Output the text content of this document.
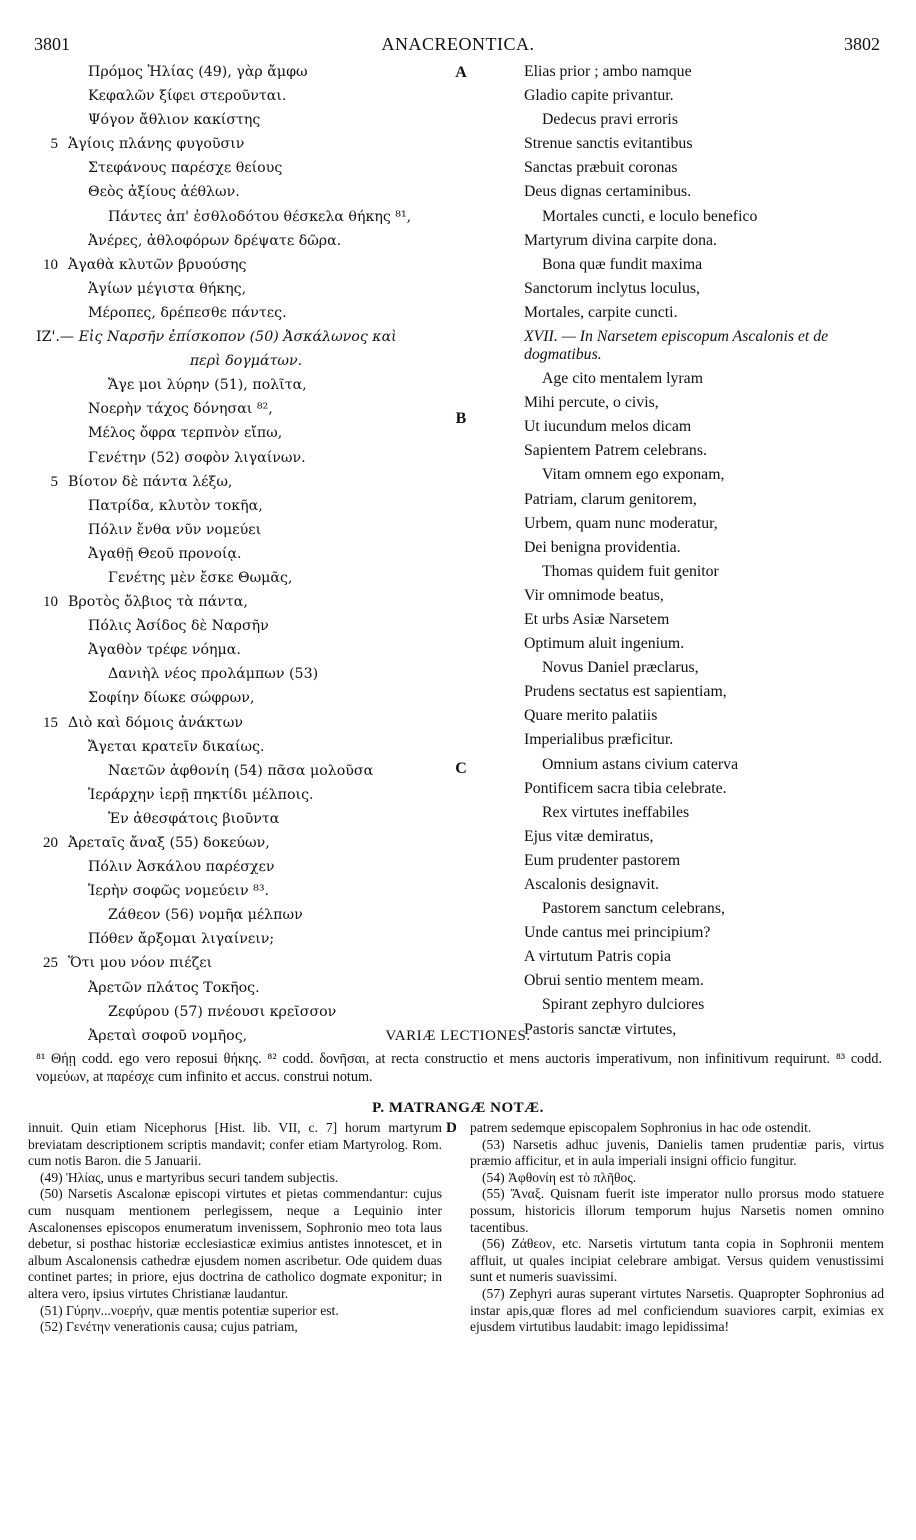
3801	ANACREONTICA.	3802
Πρόμος Ἠλίας (49), γὰρ ἄμφω
Κεφαλῶν ξίφει στεροῦνται.
Ψόγον ἄθλιον κακίστης
5 Ἁγίοις πλάνης φυγοῦσιν
Στεφάνους παρέσχε θείους
Θεὸς ἀξίους ἀέθλων.
Πάντες ἀπ' ἐσθλοδότου θέσκελα θήκης ⁸¹,
Ἀνέρες, ἀθλοφόρων δρέψατε δῶρα.
10 Ἀγαθὰ κλυτῶν βρυούσης
Ἁγίων μέγιστα θήκης,
Μέροπες, δρέπεσθε πάντες.
ΙΖ'.— Εἰς Ναρσῆν ἐπίσκοπον (50) Ἀσκάλωνος καὶ
περὶ δογμάτων.
Ἄγε μοι λύρην (51), πολῖτα,
Νοερὴν τάχος δόνησαι ⁸²,
Μέλος ὄφρα τερπνὸν εἴπω,
Γενέτην (52) σοφὸν λιγαίνων.
5 Βίοτον δὲ πάντα λέξω,
Πατρίδα, κλυτὸν τοκῆα,
Πόλιν ἔνθα νῦν νομεύει
Ἀγαθῇ Θεοῦ προνοίᾳ.
Γενέτης μὲν ἔσκε Θωμᾶς,
10 Βροτὸς ὄλβιος τὰ πάντα,
Πόλις Ἀσίδος δὲ Ναρσῆν
Ἀγαθὸν τρέφε νόημα.
Δανιὴλ νέος προλάμπων (53)
Σοφίην δίωκε σώφρων,
15 Διὸ καὶ δόμοις ἀνάκτων
Ἄγεται κρατεῖν δικαίως.
Ναετῶν ἀφθονίη (54) πᾶσα μολοῦσα
Ἱεράρχην ἱερῇ πηκτίδι μέλποις.
Ἐν ἀθεσφάτοις βιοῦντα
20 Ἀρεταῖς ἄναξ (55) δοκεύων,
Πόλιν Ἀσκάλου παρέσχεν
Ἱερὴν σοφῶς νομεύειν ⁸³.
Ζάθεον (56) νομῆα μέλπων
Πόθεν ἄρξομαι λιγαίνειν;
25 Ὅτι μου νόον πιέζει
Ἀρετῶν πλάτος Τοκῆος.
Ζεφύρου (57) πνέουσι κρεῖσσον
Ἀρεταὶ σοφοῦ νομῆος,
A
B
C
Elias prior ; ambo namque
Gladio capite privantur.
Dedecus pravi erroris
Strenue sanctis evitantibus
Sanctas præbuit coronas
Deus dignas certaminibus.
Mortales cuncti, e loculo benefico
Martyrum divina carpite dona.
Bona quæ fundit maxima
Sanctorum inclytus loculus,
Mortales, carpite cuncti.
XVII. — In Narsetem episcopum Ascalonis et de dogmatibus.
Age cito mentalem lyram
Mihi percute, o civis,
Ut iucundum melos dicam
Sapientem Patrem celebrans.
Vitam omnem ego exponam,
Patriam, clarum genitorem,
Urbem, quam nunc moderatur,
Dei benigna providentia.
Thomas quidem fuit genitor
Vir omnimode beatus,
Et urbs Asiæ Narsetem
Optimum aluit ingenium.
Novus Daniel præclarus,
Prudens sectatus est sapientiam,
Quare merito palatiis
Imperialibus præficitur.
Omnium astans civium caterva
Pontificem sacra tibia celebrate.
Rex virtutes ineffabiles
Ejus vitæ demiratus,
Eum prudenter pastorem
Ascalonis designavit.
Pastorem sanctum celebrans,
Unde cantus mei principium?
A virtutum Patris copia
Obrui sentio mentem meam.
Spirant zephyro dulciores
Pastoris sanctæ virtutes,
VARIÆ LECTIONES.
⁸¹ Θήῃ codd. ego vero reposui θήκης. ⁸² codd. δονῆσαι, at recta constructio et mens auctoris imperativum, non infinitivum requirunt. ⁸³ codd. νομεύων, at παρέσχε cum infinito et accus. construi notum.
P. MATRANGÆ NOTÆ.
D

innuit. Quin etiam Nicephorus [Hist. lib. VII, c. 7] horum martyrum breviatam descriptionem scriptis mandavit; confer etiam Martyrolog. Rom. cum notis Baron. die 5 Januarii.

(49) Ἠλίας, unus e martyribus securi tandem subjectis.

(50) Narsetis Ascalonæ episcopi virtutes et pietas commendantur: cujus cum nusquam mentionem perlegissem, neque a Lequinio inter Ascalonenses episcopos enumeratum invenissem, Sophronio meo tota laus debetur, si posthac historiæ ecclesiasticæ eximius antistes innotescet, et in album Ascalonensis cathedræ ejusdem nomen ascribetur. Ode quidem duas continet partes; in priore, ejus doctrina de catholico dogmate exponitur; in altera vero, ipsius virtutes Christianæ laudantur.

(51) Γύρην...νοερήν, quæ mentis potentiæ superior est.

(52) Γενέτην venerationis causa; cujus patriam,

patrem sedemque episcopalem Sophronius in hac ode ostendit.

(53) Narsetis adhuc juvenis, Danielis tamen prudentiæ paris, virtus præmio afficitur, et in aula imperiali insigni officio fungitur.

(54) Ἀφθονίη est τὸ πλῆθος.

(55) Ἄναξ. Quisnam fuerit iste imperator nullo prorsus modo statuere possum, historicis illorum temporum hujus Narsetis nomen omnino tacentibus.

(56) Ζάθεον, etc. Narsetis virtutum tanta copia in Sophronii mentem affluit, ut quales incipiat celebrare ambigat. Versus quidem venustissimi sunt et numeris suavissimi.

(57) Zephyri auras superant virtutes Narsetis. Quapropter Sophronius ad instar apis,quæ flores ad mel conficiendum suaviores carpit, eximias ex ejusdem virtutibus laudabit: imago lepidissima!
